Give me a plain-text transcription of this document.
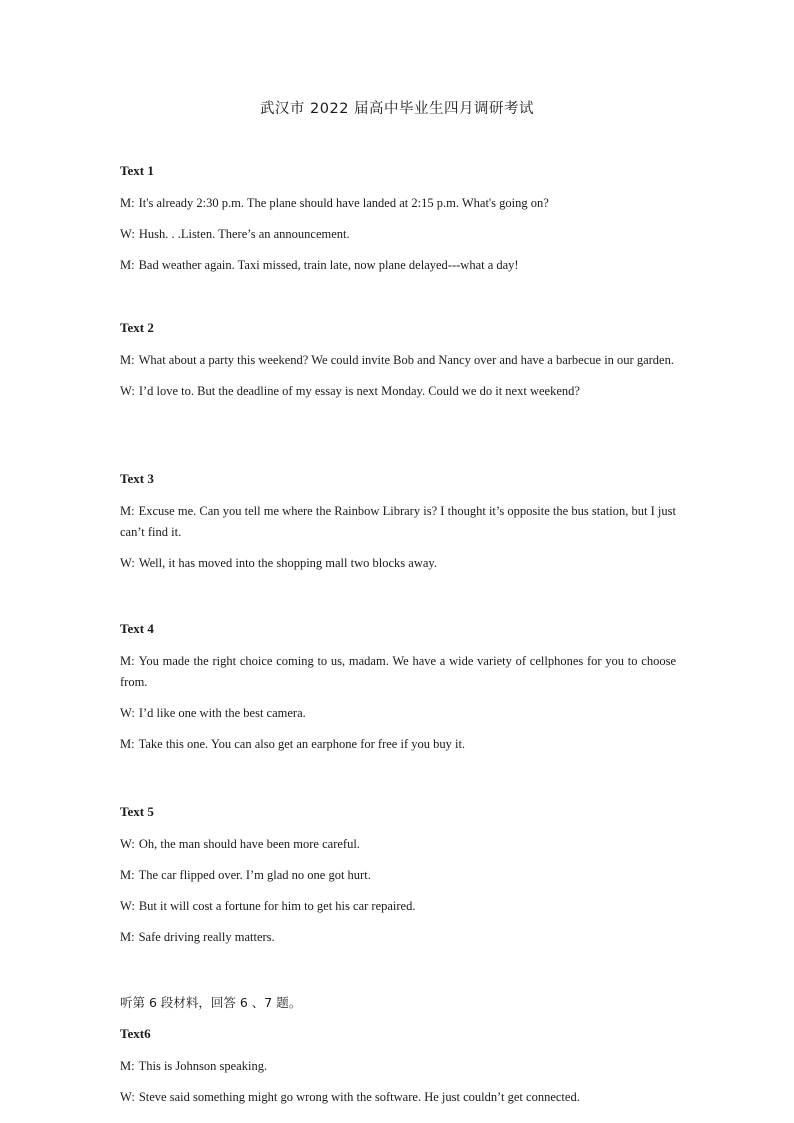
武汉市 2022 届高中毕业生四月调研考试
Text 1
M: It's already 2:30 p.m. The plane should have landed at 2:15 p.m. What's going on?
W: Hush. . .Listen. There’s an announcement.
M: Bad weather again. Taxi missed, train late, now plane delayed---what a day!
Text 2
M: What about a party this weekend? We could invite Bob and Nancy over and have a barbecue in our garden.
W: I’d love to. But the deadline of my essay is next Monday. Could we do it next weekend?
Text 3
M: Excuse me. Can you tell me where the Rainbow Library is? I thought it’s opposite the bus station, but I just can’t find it.
W: Well, it has moved into the shopping mall two blocks away.
Text 4
M: You made the right choice coming to us, madam. We have a wide variety of cellphones for you to choose from.
W: I’d like one with the best camera.
M: Take this one. You can also get an earphone for free if you buy it.
Text 5
W: Oh, the man should have been more careful.
M: The car flipped over. I’m glad no one got hurt.
W: But it will cost a fortune for him to get his car repaired.
M: Safe driving really matters.
听第 6 段材料，回答 6 、7 题。
Text6
M: This is Johnson speaking.
W: Steve said something might go wrong with the software. He just couldn’t get connected.
